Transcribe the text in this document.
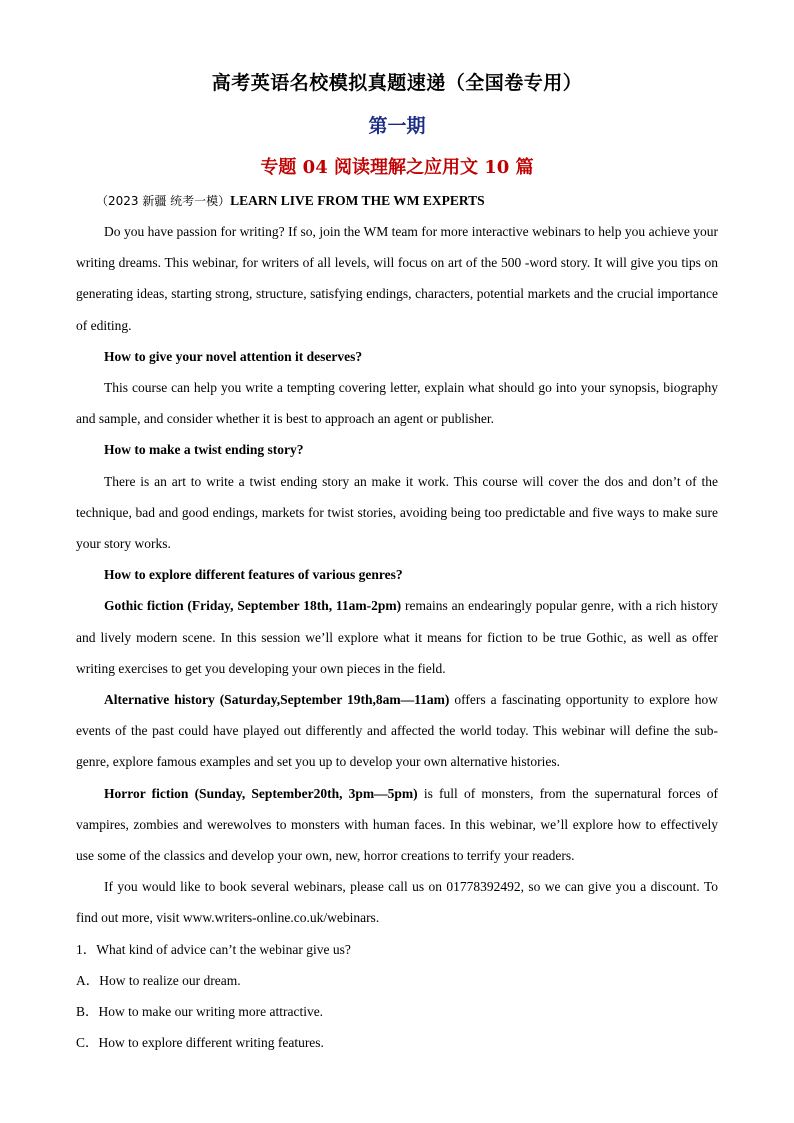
高考英语名校模拟真题速递（全国卷专用）
第一期
专题 04 阅读理解之应用文 10 篇
（2023 新疆 统考一模）LEARN LIVE FROM THE WM EXPERTS

Do you have passion for writing? If so, join the WM team for more interactive webinars to help you achieve your writing dreams. This webinar, for writers of all levels, will focus on art of the 500 -word story. It will give you tips on generating ideas, starting strong, structure, satisfying endings, characters, potential markets and the crucial importance of editing.

How to give your novel attention it deserves?

This course can help you write a tempting covering letter, explain what should go into your synopsis, biography and sample, and consider whether it is best to approach an agent or publisher.

How to make a twist ending story?

There is an art to write a twist ending story an make it work. This course will cover the dos and don’t of the technique, bad and good endings, markets for twist stories, avoiding being too predictable and five ways to make sure your story works.

How to explore different features of various genres?

Gothic fiction (Friday, September 18th, 11am-2pm) remains an endearingly popular genre, with a rich history and lively modern scene. In this session we’ll explore what it means for fiction to be true Gothic, as well as offer writing exercises to get you developing your own pieces in the field.

Alternative history (Saturday,September 19th,8am—11am) offers a fascinating opportunity to explore how events of the past could have played out differently and affected the world today. This webinar will define the sub-genre, explore famous examples and set you up to develop your own alternative histories.

Horror fiction (Sunday, September20th, 3pm—5pm) is full of monsters, from the supernatural forces of vampires, zombies and werewolves to monsters with human faces. In this webinar, we’ll explore how to effectively use some of the classics and develop your own, new, horror creations to terrify your readers.

If you would like to book several webinars, please call us on 01778392492, so we can give you a discount. To find out more, visit www.writers-online.co.uk/webinars.

1．What kind of advice can’t the webinar give us?

A．How to realize our dream.

B．How to make our writing more attractive.

C．How to explore different writing features.
